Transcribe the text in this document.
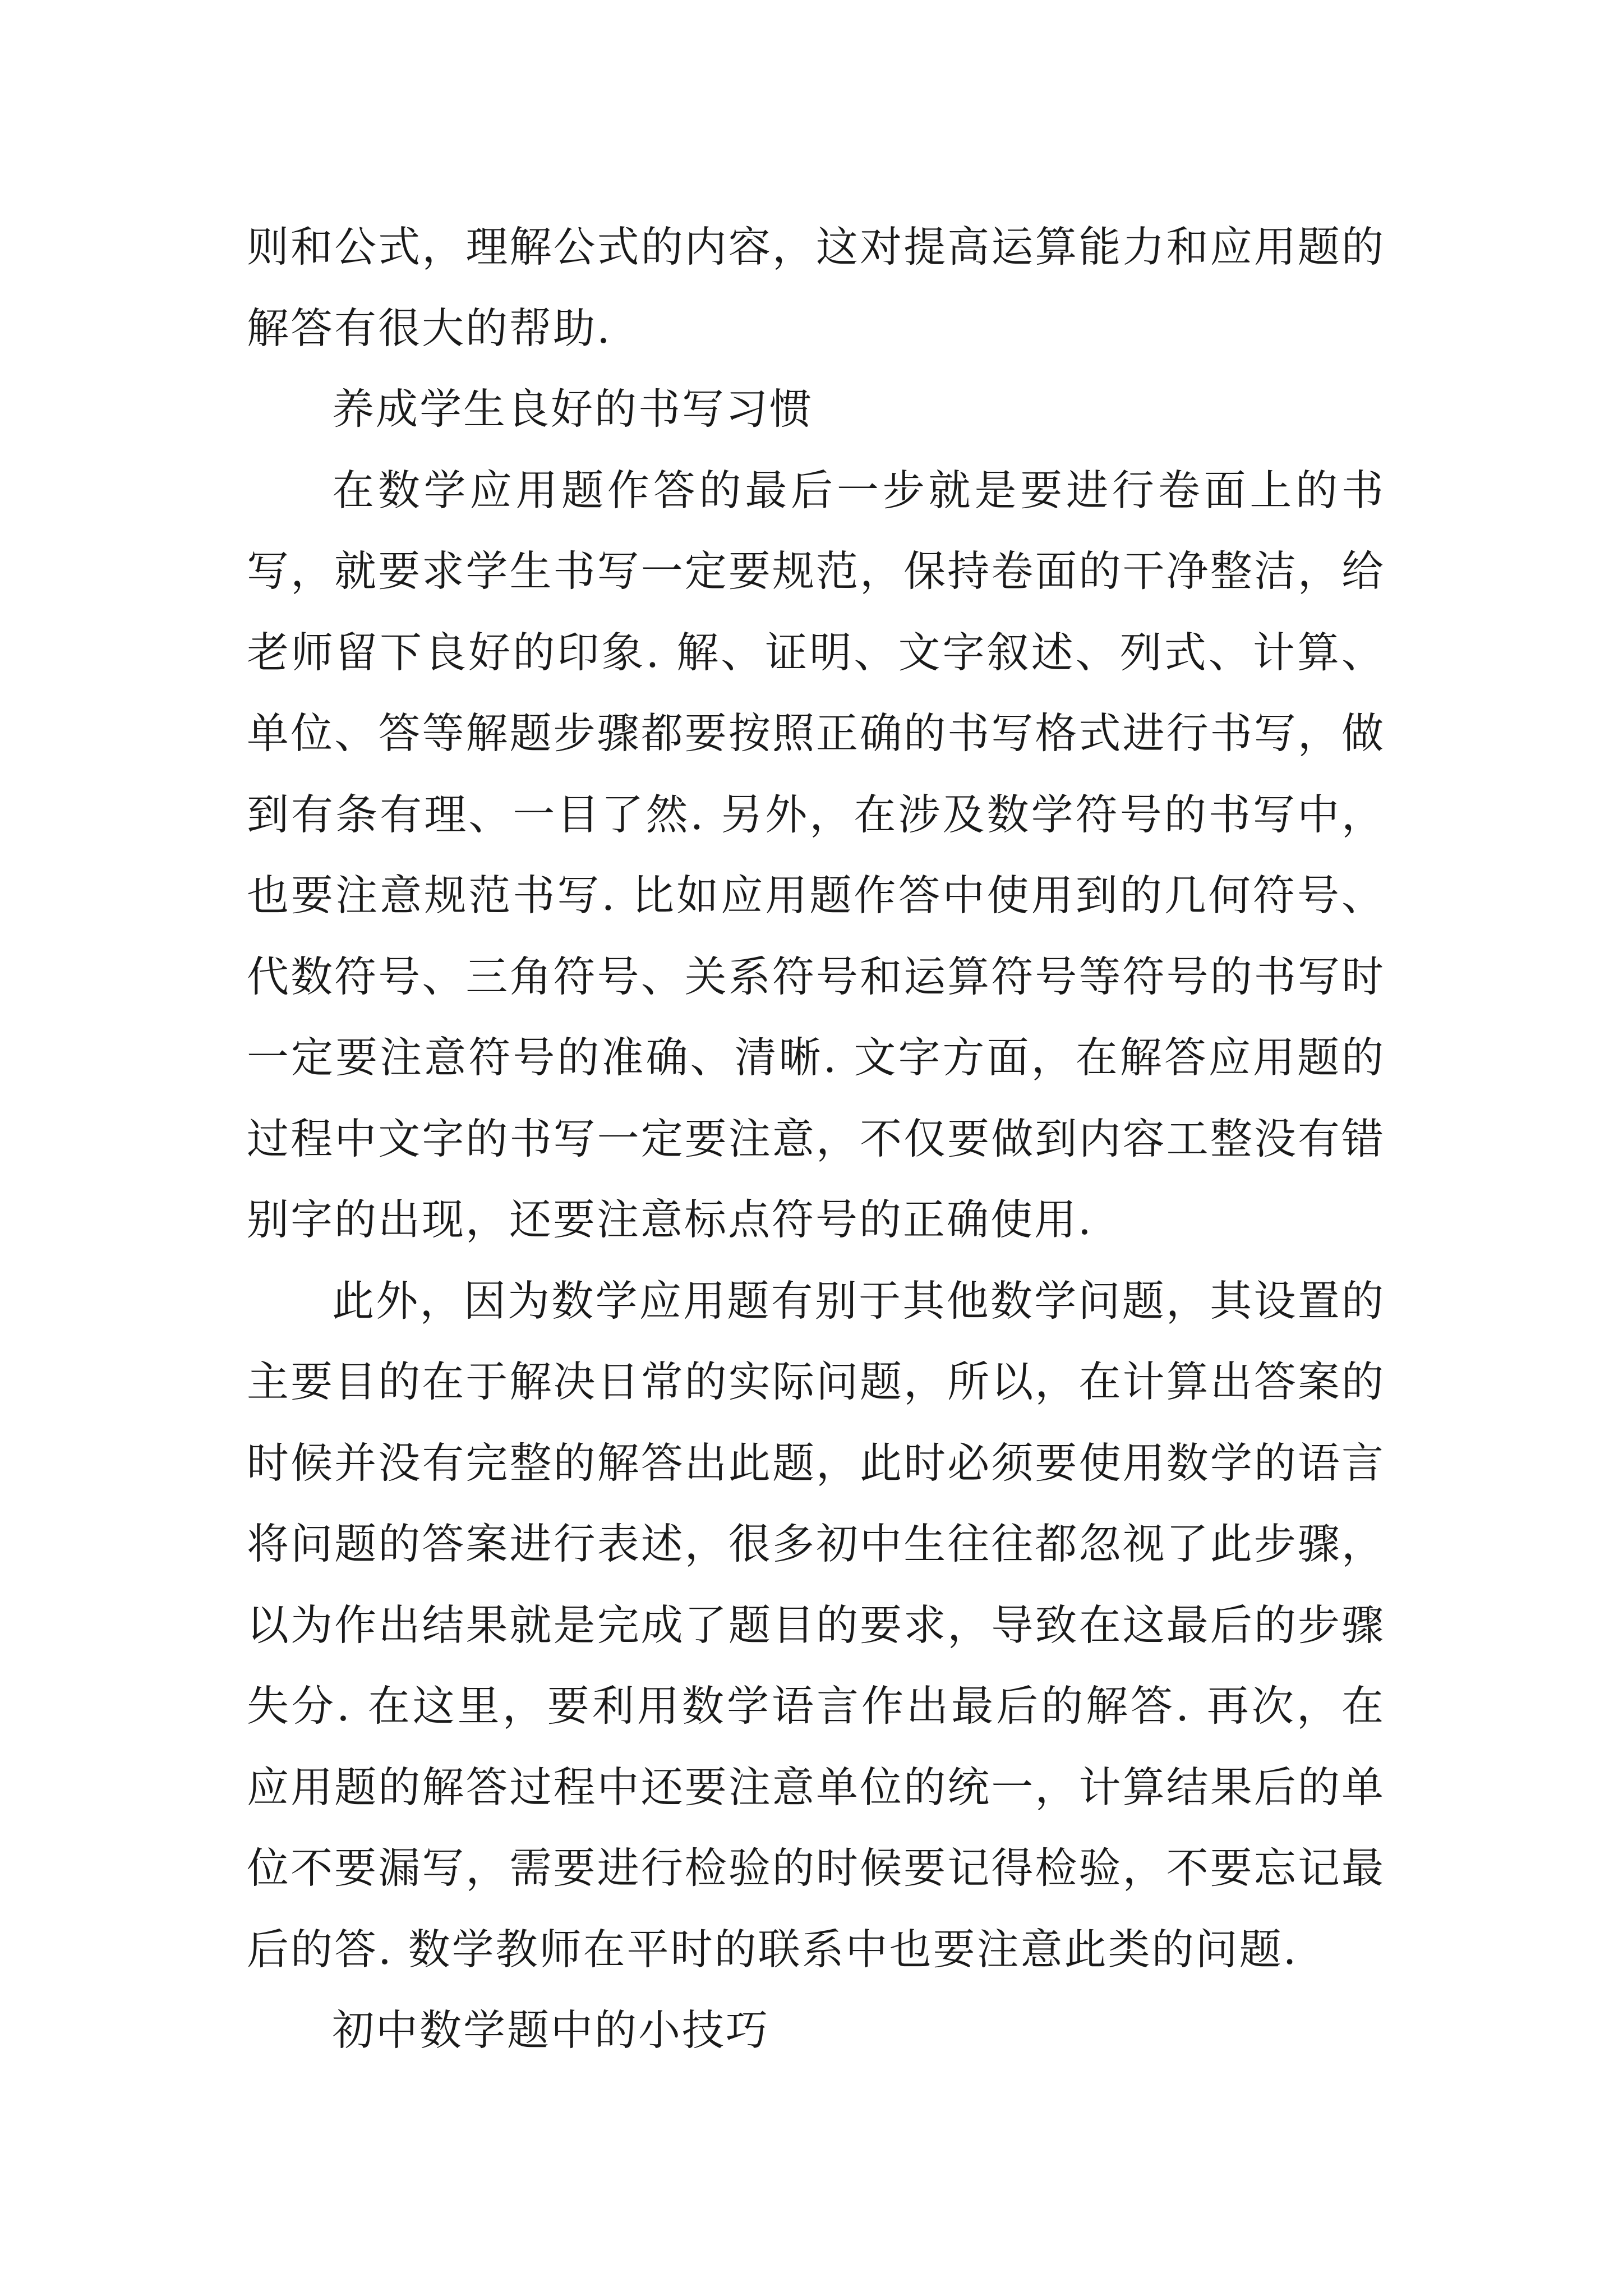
则和公式，理解公式的内容，这对提高运算能力和应用题的解答有很大的帮助.

养成学生良好的书写习惯

在数学应用题作答的最后一步就是要进行卷面上的书写，就要求学生书写一定要规范，保持卷面的干净整洁，给老师留下良好的印象. 解、证明、文字叙述、列式、计算、单位、答等解题步骤都要按照正确的书写格式进行书写，做到有条有理、一目了然. 另外，在涉及数学符号的书写中，也要注意规范书写. 比如应用题作答中使用到的几何符号、代数符号、三角符号、关系符号和运算符号等符号的书写时一定要注意符号的准确、清晰. 文字方面，在解答应用题的过程中文字的书写一定要注意，不仅要做到内容工整没有错别字的出现，还要注意标点符号的正确使用.

此外，因为数学应用题有别于其他数学问题，其设置的主要目的在于解决日常的实际问题，所以，在计算出答案的时候并没有完整的解答出此题，此时必须要使用数学的语言将问题的答案进行表述，很多初中生往往都忽视了此步骤，以为作出结果就是完成了题目的要求，导致在这最后的步骤失分. 在这里，要利用数学语言作出最后的解答. 再次，在应用题的解答过程中还要注意单位的统一，计算结果后的单位不要漏写，需要进行检验的时候要记得检验，不要忘记最后的答. 数学教师在平时的联系中也要注意此类的问题.

初中数学题中的小技巧
